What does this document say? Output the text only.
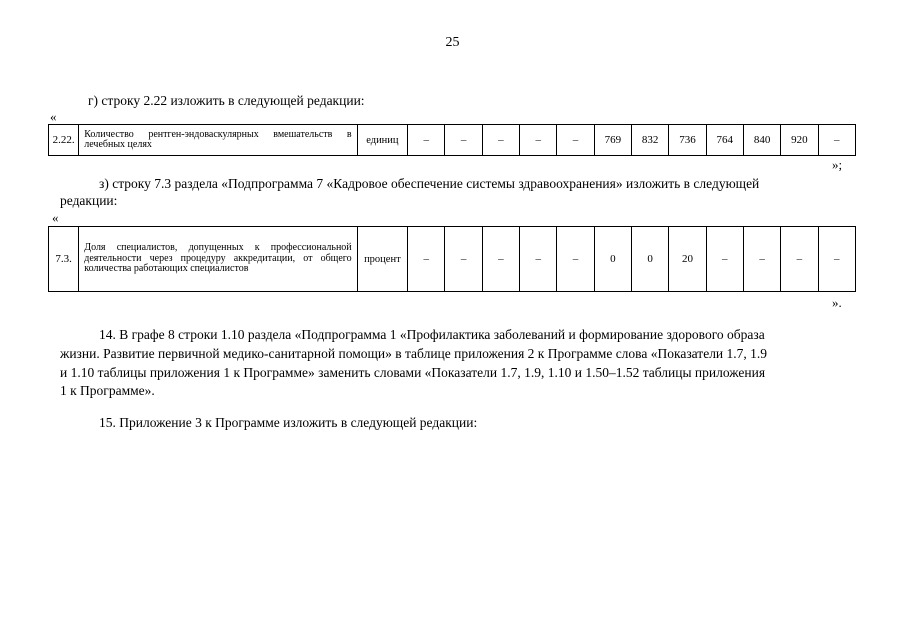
25
г) строку 2.22 изложить в следующей редакции:
«
2.22.	Количество рентген-эндоваскулярных вмешательств в лечебных целях	единиц	–	–	–	–	–	769	832	736	764	840	920	–
»;
з) строку 7.3 раздела «Подпрограмма 7 «Кадровое обеспечение системы здравоохранения» изложить в следующей
редакции:
«
7.3.	Доля специалистов, допущенных к профессиональной деятельности через процедуру аккредитации, от общего количества работающих специалистов	процент	–	–	–	–	–	0	0	20	–	–	–	–
».
14. В графе 8 строки 1.10 раздела «Подпрограмма 1 «Профилактика заболеваний и формирование здорового образа
жизни. Развитие первичной медико-санитарной помощи» в таблице приложения 2 к Программе слова «Показатели 1.7, 1.9
и 1.10 таблицы приложения 1 к Программе» заменить словами «Показатели 1.7, 1.9, 1.10 и 1.50–1.52 таблицы приложения
1 к Программе».
15. Приложение 3 к Программе изложить в следующей редакции:
